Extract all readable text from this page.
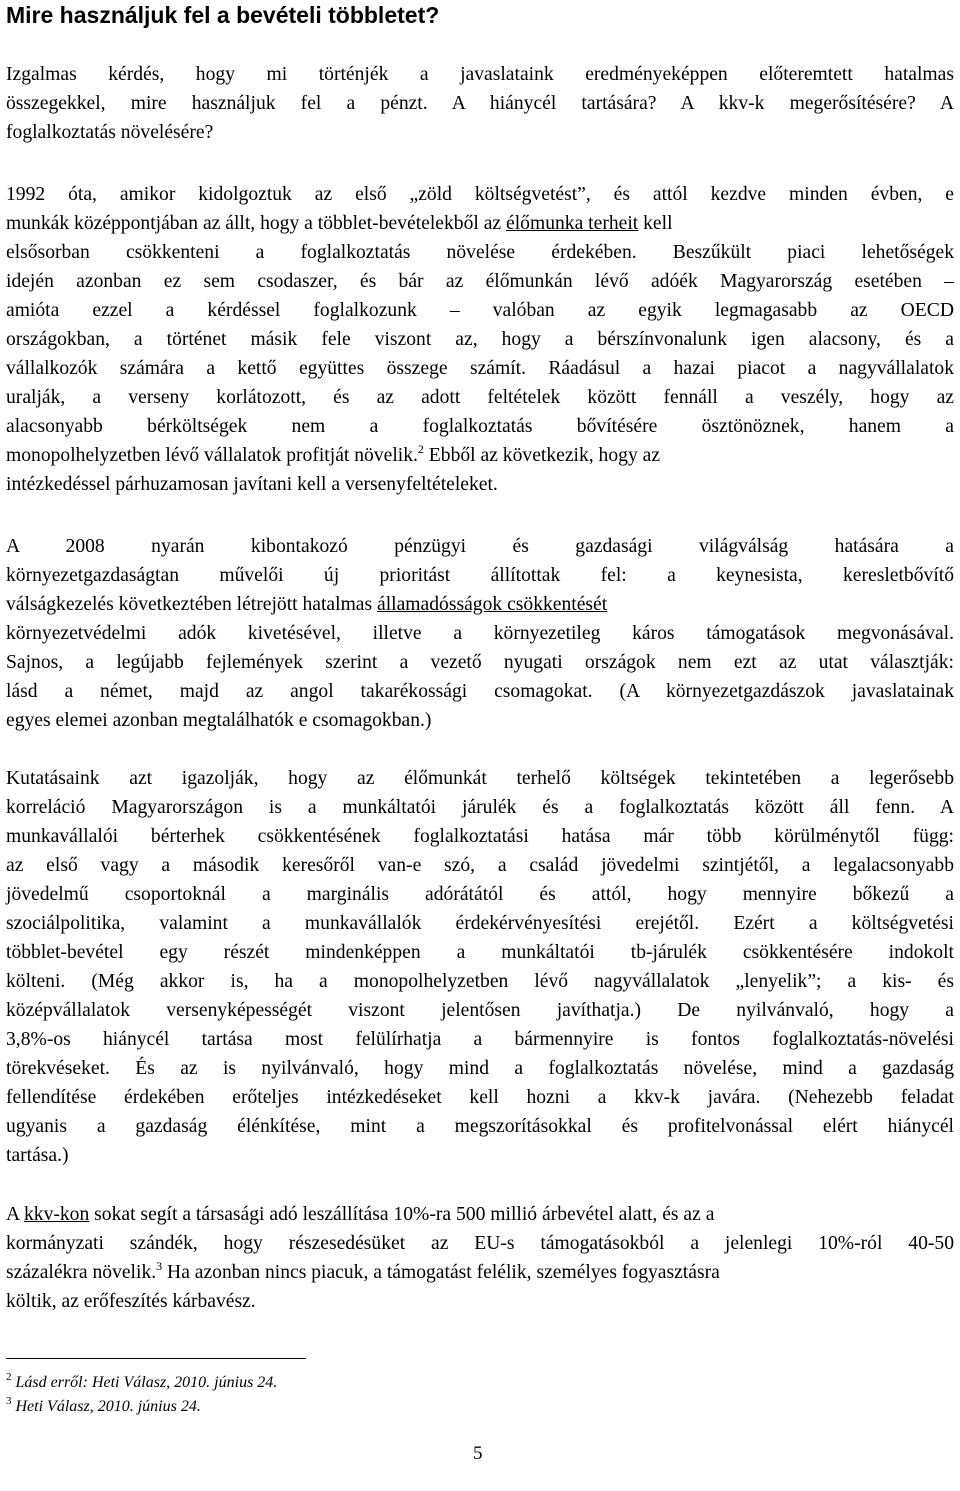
Mire használjuk fel a bevételi többletet?
Izgalmas kérdés, hogy mi történjék a javaslataink eredményeképpen előteremtett hatalmas
összegekkel, mire használjuk fel a pénzt. A hiánycél tartására? A kkv-k megerősítésére? A
foglalkoztatás növelésére?
1992 óta, amikor kidolgoztuk az első „zöld költségvetést”, és attól kezdve minden évben, e
munkák középpontjában az állt, hogy a többlet-bevételekből az élőmunka terheit kell
elsősorban csökkenteni a foglalkoztatás növelése érdekében. Beszűkült piaci lehetőségek
idején azonban ez sem csodaszer, és bár az élőmunkán lévő adóék Magyarország esetében –
amióta ezzel a kérdéssel foglalkozunk – valóban az egyik legmagasabb az OECD
országokban, a történet másik fele viszont az, hogy a bérszínvonalunk igen alacsony, és a
vállalkozók számára a kettő együttes összege számít. Ráadásul a hazai piacot a nagyvállalatok
uralják, a verseny korlátozott, és az adott feltételek között fennáll a veszély, hogy az
alacsonyabb bérköltségek nem a foglalkoztatás bővítésére ösztönöznek, hanem a
monopolhelyzetben lévő vállalatok profitját növelik.$^2$ Ebből az következik, hogy az
intézkedéssel párhuzamosan javítani kell a versenyfeltételeket.
A 2008 nyarán kibontakozó pénzügyi és gazdasági világválság hatására a
környezetgazdaságtan művelői új prioritást állítottak fel: a keynesista, keresletbővítő
válságkezelés következtében létrejött hatalmas államadósságok csökkentését
környezetvédelmi adók kivetésével, illetve a környezetileg káros támogatások megvonásával.
Sajnos, a legújabb fejlemények szerint a vezető nyugati országok nem ezt az utat választják:
lásd a német, majd az angol takarékossági csomagokat. (A környezetgazdászok javaslatainak
egyes elemei azonban megtalálhatók e csomagokban.)
Kutatásaink azt igazolják, hogy az élőmunkát terhelő költségek tekintetében a legerősebb
korreláció Magyarországon is a munkáltatói járulék és a foglalkoztatás között áll fenn. A
munkavállalói bérterhek csökkentésének foglalkoztatási hatása már több körülménytől függ:
az első vagy a második keresőről van-e szó, a család jövedelmi szintjétől, a legalacsonyabb
jövedelmű csoportoknál a marginális adórátától és attól, hogy mennyire bőkezű a
szociálpolitika, valamint a munkavállalók érdekérvényesítési erejétől. Ezért a költségvetési
többlet-bevétel egy részét mindenképpen a munkáltatói tb-járulék csökkentésére indokolt
költeni. (Még akkor is, ha a monopolhelyzetben lévő nagyvállalatok „lenyelik”; a kis- és
középvállalatok versenyképességét viszont jelentősen javíthatja.) De nyilvánvaló, hogy a
3,8%-os hiánycél tartása most felülírhatja a bármennyire is fontos foglalkoztatás-növelési
törekvéseket. És az is nyilvánvaló, hogy mind a foglalkoztatás növelése, mind a gazdaság
fellendítése érdekében erőteljes intézkedéseket kell hozni a kkv-k javára. (Nehezebb feladat
ugyanis a gazdaság élénkítése, mint a megszorításokkal és profitelvonással elért hiánycél
tartása.)
A kkv-kon sokat segít a társasági adó leszállítása 10%-ra 500 millió árbevétel alatt, és az a
kormányzati szándék, hogy részesedésüket az EU-s támogatásokból a jelenlegi 10%-ról 40-50
százalékra növelik.$^3$ Ha azonban nincs piacuk, a támogatást felélik, személyes fogyasztásra
költik, az erőfeszítés kárbavész.
$^2$ Lásd erről: Heti Válasz, 2010. június 24.
$^3$ Heti Válasz, 2010. június 24.
5
